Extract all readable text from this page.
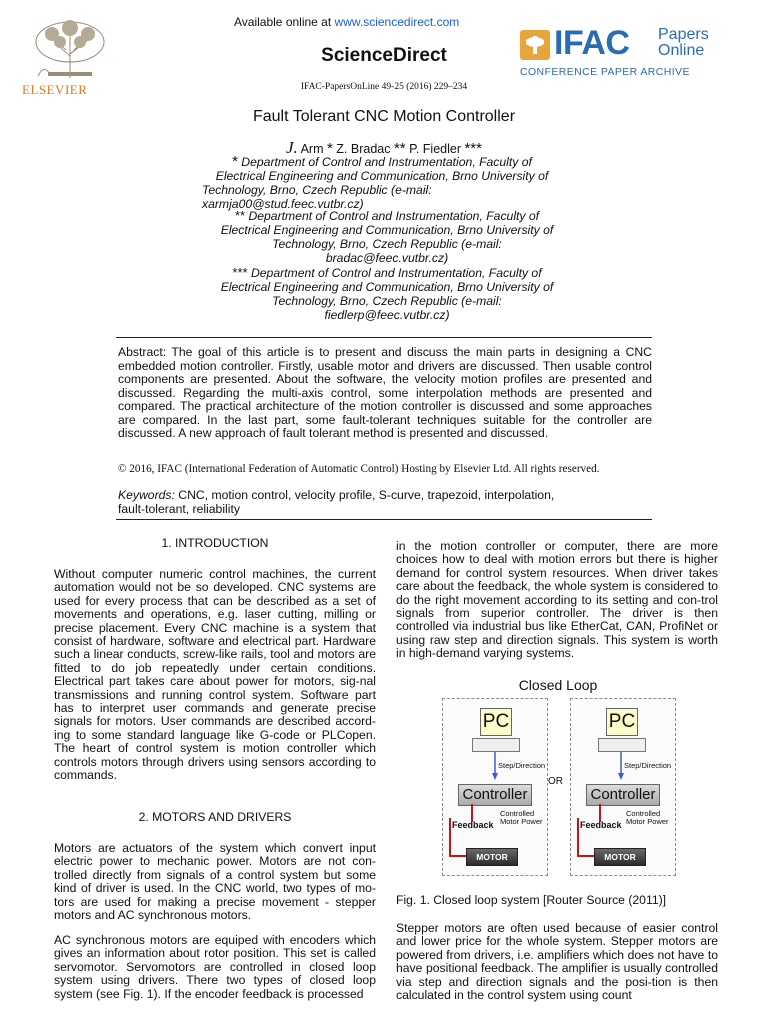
ELSEVIER
Available online at www.sciencedirect.com
ScienceDirect
IFAC-PapersOnLine 49-25 (2016) 229–234
IFAC Papers
Online
CONFERENCE PAPER ARCHIVE
Fault Tolerant CNC Motion Controller
J. Arm * Z. Bradac ** P. Fiedler ***
* Department of Control and Instrumentation, Faculty of
Electrical Engineering and Communication, Brno University of
Technology, Brno, Czech Republic (e-mail:
xarmja00@stud.feec.vutbr.cz)
** Department of Control and Instrumentation, Faculty of
Electrical Engineering and Communication, Brno University of
Technology, Brno, Czech Republic (e-mail:
bradac@feec.vutbr.cz)
*** Department of Control and Instrumentation, Faculty of
Electrical Engineering and Communication, Brno University of
Technology, Brno, Czech Republic (e-mail:
fiedlerp@feec.vutbr.cz)
Abstract: The goal of this article is to present and discuss the main parts in designing a CNC embedded motion controller. Firstly, usable motor and drivers are discussed. Then usable control components are presented. About the software, the velocity motion profiles are presented and discussed. Regarding the multi-axis control, some interpolation methods are presented and compared. The practical architecture of the motion controller is discussed and some approaches are compared. In the last part, some fault-tolerant techniques suitable for the controller are discussed. A new approach of fault tolerant method is presented and discussed.
© 2016, IFAC (International Federation of Automatic Control) Hosting by Elsevier Ltd. All rights reserved.
Keywords: CNC, motion control, velocity profile, S-curve, trapezoid, interpolation,
fault-tolerant, reliability
1. INTRODUCTION
Without computer numeric control machines, the current automation would not be so developed. CNC systems are used for every process that can be described as a set of movements and operations, e.g. laser cutting, milling or precise placement. Every CNC machine is a system that consist of hardware, software and electrical part. Hardware such a linear conducts, screw-like rails, tool and motors are fitted to do job repeatedly under certain conditions. Electrical part takes care about power for motors, sig-nal transmissions and running control system. Software part has to interpret user commands and generate precise signals for motors. User commands are described accord-ing to some standard language like G-code or PLCopen. The heart of control system is motion controller which controls motors through drivers using sensors according to commands.
2. MOTORS AND DRIVERS
Motors are actuators of the system which convert input electric power to mechanic power. Motors are not con-trolled directly from signals of a control system but some kind of driver is used. In the CNC world, two types of mo-tors are used for making a precise movement - stepper motors and AC synchronous motors.
AC synchronous motors are equiped with encoders which gives an information about rotor position. This set is called servomotor. Servomotors are controlled in closed loop system using drivers. There two types of closed loop system (see Fig. 1). If the encoder feedback is processed
in the motion controller or computer, there are more choices how to deal with motion errors but there is higher demand for control system resources. When driver takes care about the feedback, the whole system is considered to do the right movement according to its setting and con-trol signals from superior controller. The driver is then controlled via industrial bus like EtherCat, CAN, ProfiNet or using raw step and direction signals. This system is worth in high-demand varying systems.
Closed Loop
PC
Step/Direction
Controller
Feedback
Controlled Motor Power
MOTOR
OR
PC
Step/Direction
Controller
Feedback
Controlled Motor Power
MOTOR
Fig. 1. Closed loop system [Router Source (2011)]
Stepper motors are often used because of easier control and lower price for the whole system. Stepper motors are powered from drivers, i.e. amplifiers which does not have to have positional feedback. The amplifier is usually controlled via step and direction signals and the posi-tion is then calculated in the control system using count
